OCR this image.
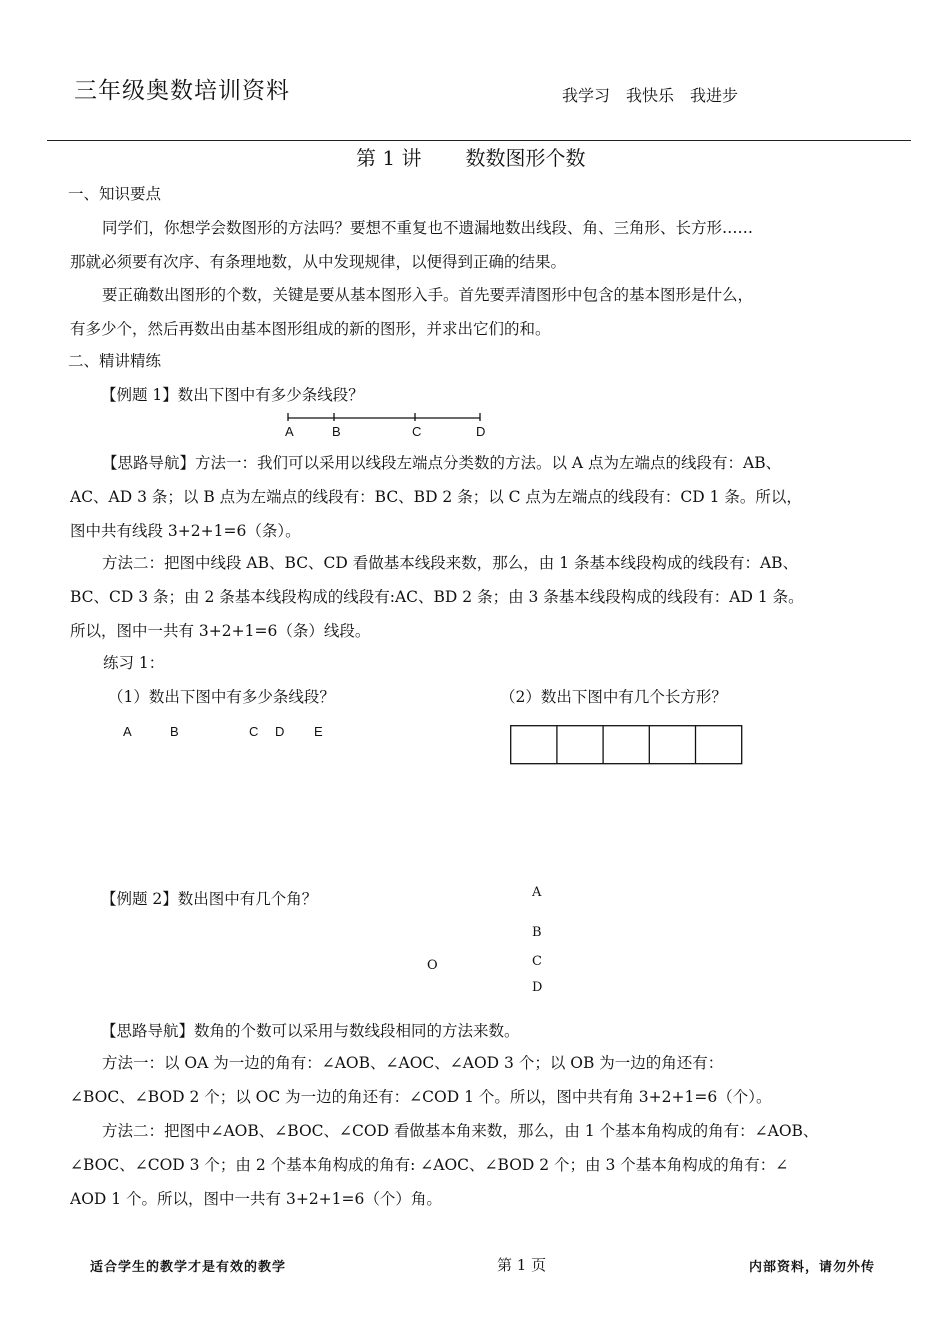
三年级奥数培训资料	我学习　我快乐　我进步
第 1 讲 数数图形个数
一、知识要点
同学们，你想学会数图形的方法吗？要想不重复也不遗漏地数出线段、角、三角形、长方形……
那就必须要有次序、有条理地数，从中发现规律，以便得到正确的结果。
要正确数出图形的个数，关键是要从基本图形入手。首先要弄清图形中包含的基本图形是什么，
有多少个，然后再数出由基本图形组成的新的图形，并求出它们的和。
二、精讲精练
【例题 1】数出下图中有多少条线段？
A	B	C	D
【思路导航】方法一：我们可以采用以线段左端点分类数的方法。以 A 点为左端点的线段有：AB、
AC、AD 3 条；以 B 点为左端点的线段有：BC、BD 2 条；以 C 点为左端点的线段有：CD 1 条。所以，
图中共有线段 3+2+1=6（条）。
方法二：把图中线段 AB、BC、CD 看做基本线段来数，那么，由 1 条基本线段构成的线段有：AB、
BC、CD 3 条；由 2 条基本线段构成的线段有:AC、BD 2 条；由 3 条基本线段构成的线段有：AD 1 条。
所以，图中一共有 3+2+1=6（条）线段。
练习 1：
（1）数出下图中有多少条线段？	（2）数出下图中有几个长方形？
A	B	C D E
【例题 2】数出图中有几个角？	A
B
C
D
O
【思路导航】数角的个数可以采用与数线段相同的方法来数。
方法一：以 OA 为一边的角有：∠AOB、∠AOC、∠AOD 3 个；以 OB 为一边的角还有：
∠BOC、∠BOD 2 个；以 OC 为一边的角还有：∠COD 1 个。所以，图中共有角 3+2+1=6（个）。
方法二：把图中∠AOB、∠BOC、∠COD 看做基本角来数，那么，由 1 个基本角构成的角有：∠AOB、
∠BOC、∠COD 3 个；由 2 个基本角构成的角有: ∠AOC、∠BOD 2 个；由 3 个基本角构成的角有：∠
AOD 1 个。所以，图中一共有 3+2+1=6（个）角。
适合学生的教学才是有效的教学	第 1 页	内部资料，请勿外传
